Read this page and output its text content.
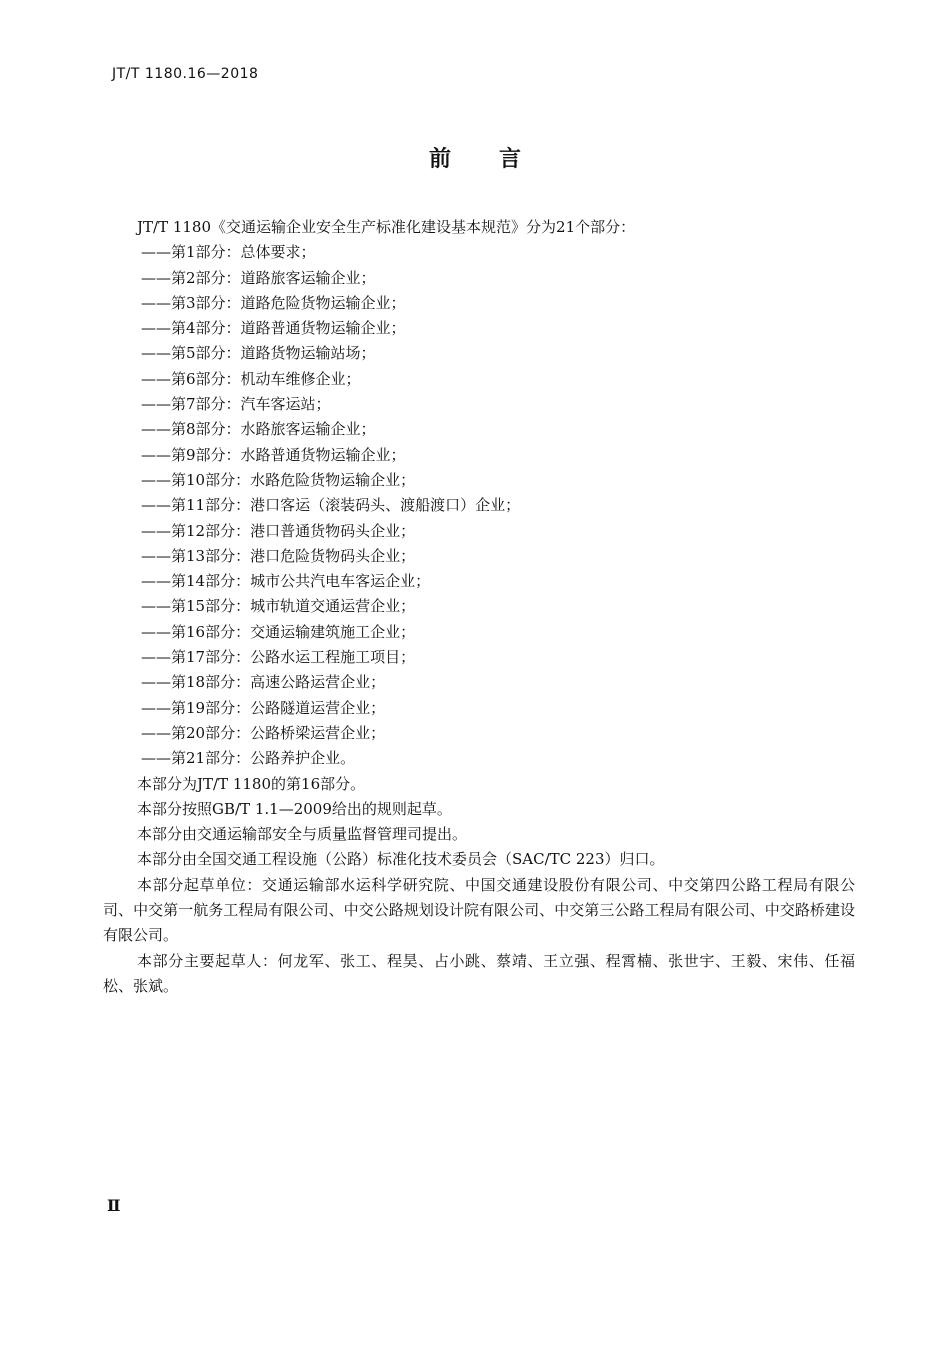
JT/T 1180.16—2018
前言

JT/T 1180《交通运输企业安全生产标准化建设基本规范》分为21个部分：

——第1部分：总体要求；

——第2部分：道路旅客运输企业；

——第3部分：道路危险货物运输企业；

——第4部分：道路普通货物运输企业；

——第5部分：道路货物运输站场；

——第6部分：机动车维修企业；

——第7部分：汽车客运站；

——第8部分：水路旅客运输企业；

——第9部分：水路普通货物运输企业；

——第10部分：水路危险货物运输企业；

——第11部分：港口客运（滚装码头、渡船渡口）企业；

——第12部分：港口普通货物码头企业；

——第13部分：港口危险货物码头企业；

——第14部分：城市公共汽电车客运企业；

——第15部分：城市轨道交通运营企业；

——第16部分：交通运输建筑施工企业；

——第17部分：公路水运工程施工项目；

——第18部分：高速公路运营企业；

——第19部分：公路隧道运营企业；

——第20部分：公路桥梁运营企业；

——第21部分：公路养护企业。

本部分为JT/T 1180的第16部分。

本部分按照GB/T 1.1—2009给出的规则起草。

本部分由交通运输部安全与质量监督管理司提出。

本部分由全国交通工程设施（公路）标准化技术委员会（SAC/TC 223）归口。

本部分起草单位：交通运输部水运科学研究院、中国交通建设股份有限公司、中交第四公路工程局有限公司、中交第一航务工程局有限公司、中交公路规划设计院有限公司、中交第三公路工程局有限公司、中交路桥建设有限公司。

本部分主要起草人：何龙军、张工、程昊、占小跳、蔡靖、王立强、程霄楠、张世宇、王毅、宋伟、任福松、张斌。

Ⅱ
